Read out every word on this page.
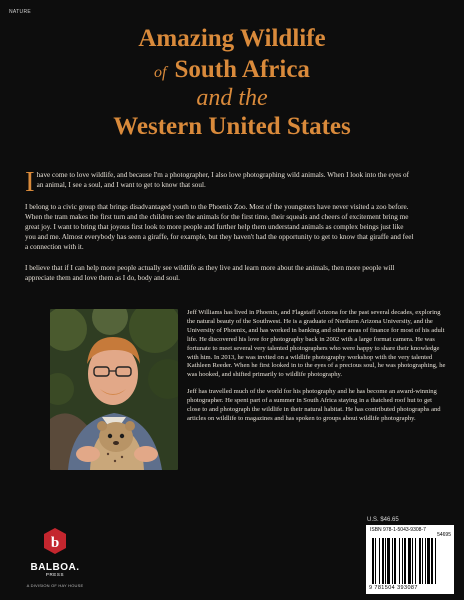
NATURE
Amazing Wildlife
of South Africa
and the
Western United States

Ihave come to love wildlife, and because I'm a photographer, I also love photographing wild animals. When I look into the eyes of an animal, I see a soul, and I want to get to know that soul.

I belong to a civic group that brings disadvantaged youth to the Phoenix Zoo. Most of the youngsters have never visited a zoo before. When the tram makes the first turn and the children see the animals for the first time, their squeals and cheers of excitement bring me great joy. I want to bring that joyous first look to more people and further help them understand animals as complex beings just like you and me. Almost everybody has seen a giraffe, for example, but they haven't had the opportunity to get to know that giraffe and feel a connection with it.

I believe that if I can help more people actually see wildlife as they live and learn more about the animals, then more people will appreciate them and love them as I do, body and soul.

Jeff Williams has lived in Phoenix, and Flagstaff Arizona for the past several decades, exploring the natural beauty of the Southwest. He is a graduate of Northern Arizona University, and the University of Phoenix, and has worked in banking and other areas of finance for most of his adult life. He discovered his love for photography back in 2002 with a large format camera. He was fortunate to meet several very talented photographers who were happy to share their knowledge with him. In 2013, he was invited on a wildlife photography workshop with the very talented Kathleen Reeder. When he first looked in to the eyes of a precious soul, he was photographing, he was hooked, and shifted primarily to wildlife photography.

Jeff has travelled much of the world for his photography and he has become an award-winning photographer. He spent part of a summer in South Africa staying in a thatched roof hut to get close to and photograph the wildlife in their natural habitat. He has contributed photographs and articles on wildlife to magazines and has spoken to groups about wildlife photography.

b
BALBOA.
PRESS
A DIVISION OF HAY HOUSE
U.S. $46.65
ISBN 978-1-5043-9308-7
54695
9 781504 393087
